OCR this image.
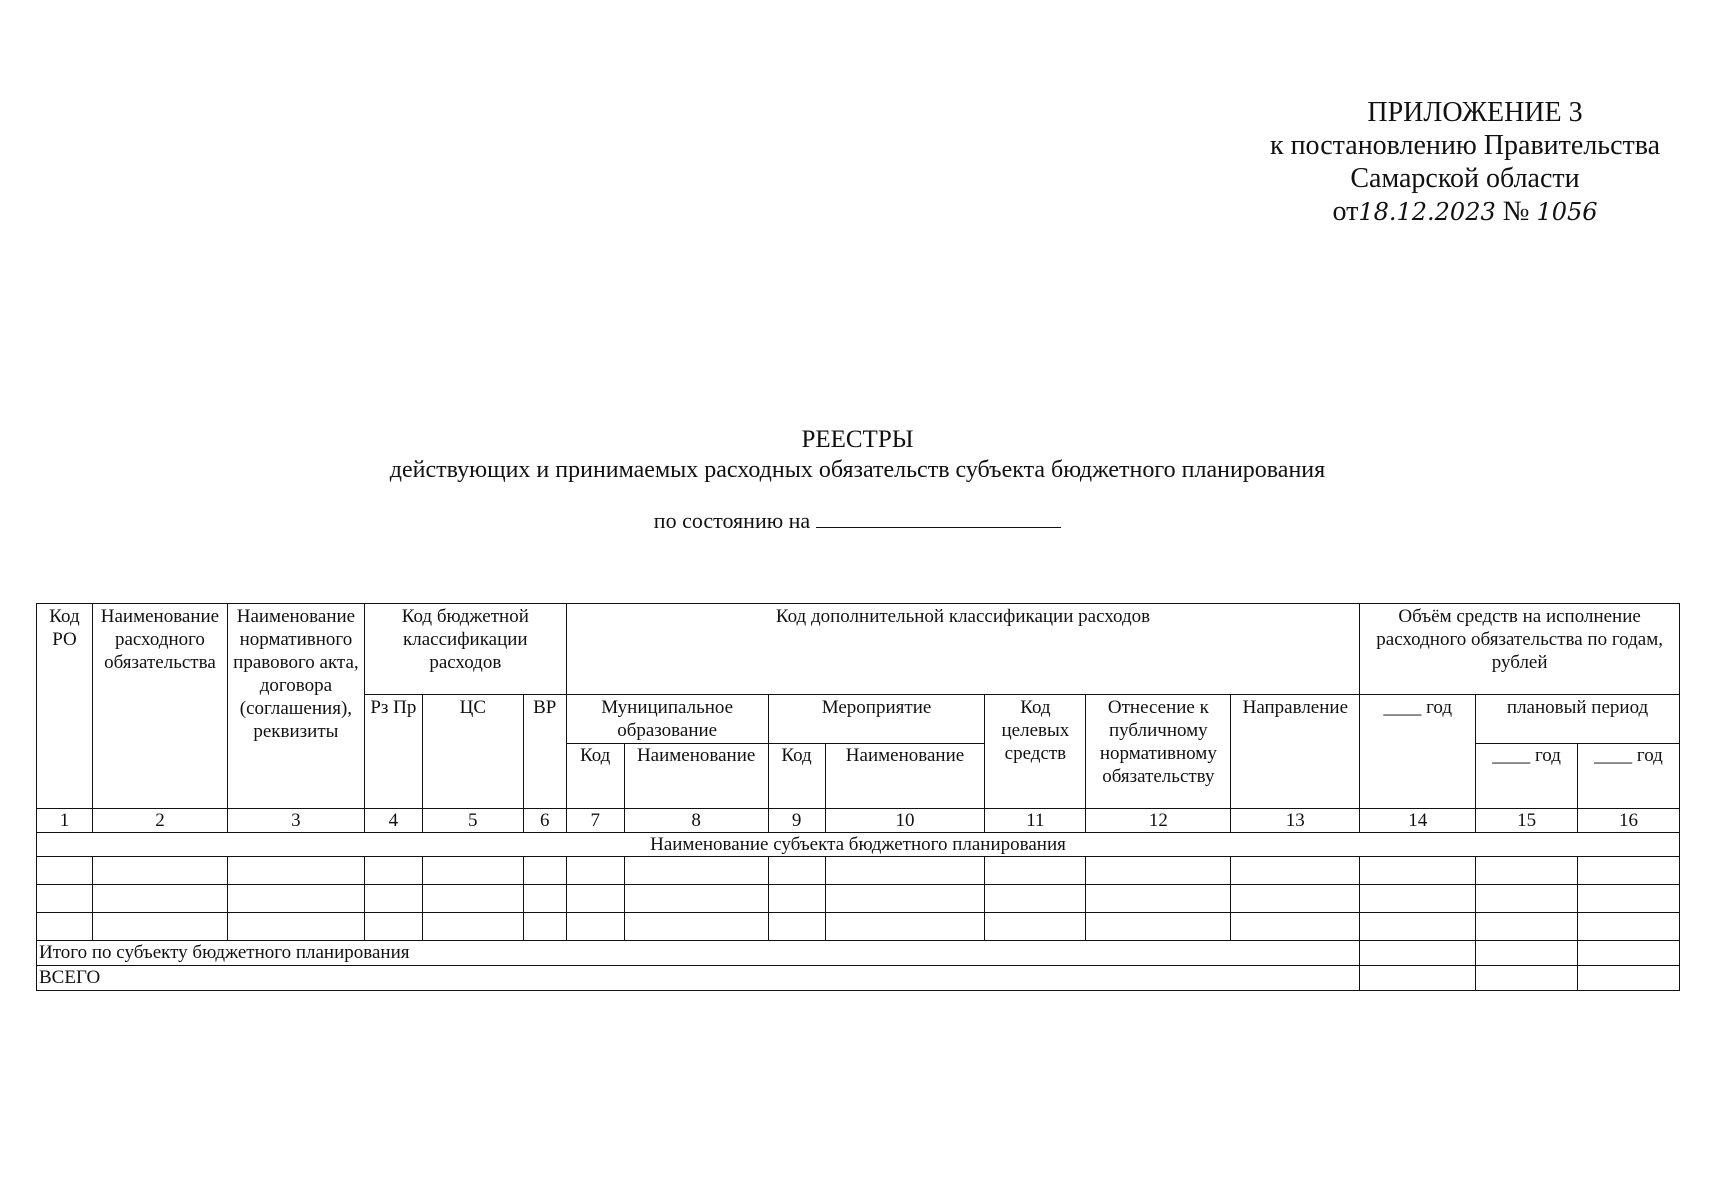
ПРИЛОЖЕНИЕ 3
к постановлению Правительства
Самарской области
от18.12.2023 № 1056
РЕЕСТРЫ
действующих и принимаемых расходных обязательств субъекта бюджетного планирования
по состоянию на
Код РО	Наименование расходного обязательства	Наименование нормативного правового акта, договора (соглашения), реквизиты	Код бюджетной классификации расходов			Код дополнительной классификации расходов							Объём средств на исполнение расходного обязательства по годам, рублей		
			Рз Пр	ЦС	ВР	Муниципальное образование		Мероприятие		Код целевых средств	Отнесение к публичному нормативному обязательству	Направление	____ год	плановый период	
						Код	Наименование	Код	Наименование					____ год	____ год

1	2	3	4	5	6	7	8	9	10	11	12	13	14	15	16
Наименование субъекта бюджетного планирования															

Итого по субъекту бюджетного планирования															
ВСЕГО															
